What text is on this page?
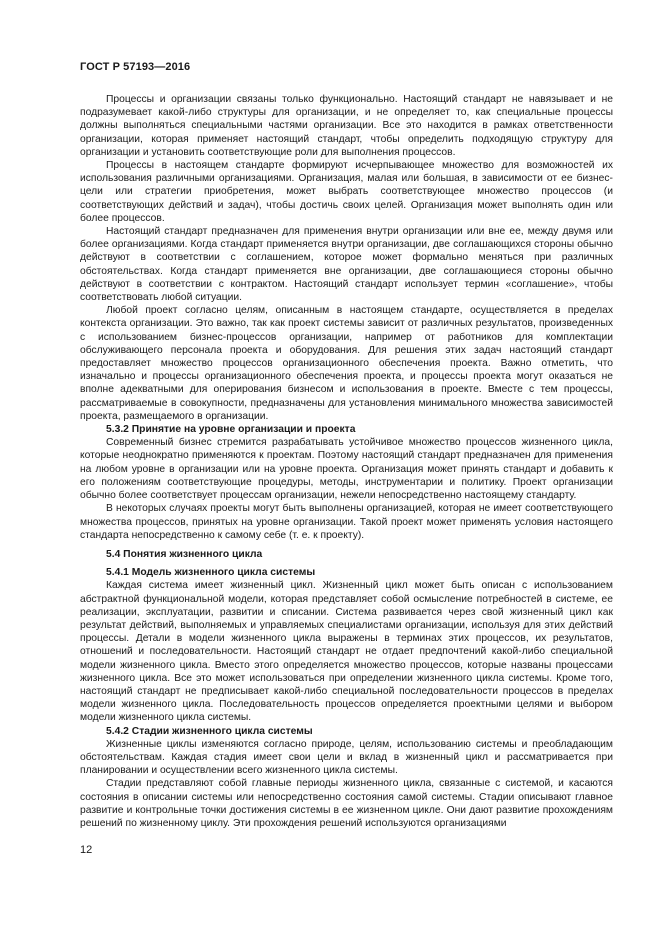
ГОСТ Р 57193—2016

Процессы и организации связаны только функционально. Настоящий стандарт не навязывает и не подразумевает какой-либо структуры для организации, и не определяет то, как специальные процессы должны выполняться специальными частями организации. Все это находится в рамках ответственности организации, которая применяет настоящий стандарт, чтобы определить подходящую структуру для организации и установить соответствующие роли для выполнения процессов.

Процессы в настоящем стандарте формируют исчерпывающее множество для возможностей их использования различными организациями. Организация, малая или большая, в зависимости от ее бизнес-цели или стратегии приобретения, может выбрать соответствующее множество процессов (и соответствующих действий и задач), чтобы достичь своих целей. Организация может выполнять один или более процессов.

Настоящий стандарт предназначен для применения внутри организации или вне ее, между двумя или более организациями. Когда стандарт применяется внутри организации, две соглашающихся стороны обычно действуют в соответствии с соглашением, которое может формально меняться при различных обстоятельствах. Когда стандарт применяется вне организации, две соглашающиеся стороны обычно действуют в соответствии с контрактом. Настоящий стандарт использует термин «соглашение», чтобы соответствовать любой ситуации.

Любой проект согласно целям, описанным в настоящем стандарте, осуществляется в пределах контекста организации. Это важно, так как проект системы зависит от различных результатов, произведенных с использованием бизнес-процессов организации, например от работников для комплектации обслуживающего персонала проекта и оборудования. Для решения этих задач настоящий стандарт предоставляет множество процессов организационного обеспечения проекта. Важно отметить, что изначально и процессы организационного обеспечения проекта, и процессы проекта могут оказаться не вполне адекватными для оперирования бизнесом и использования в проекте. Вместе с тем процессы, рассматриваемые в совокупности, предназначены для установления минимального множества зависимостей проекта, размещаемого в организации.

5.3.2 Принятие на уровне организации и проекта

Современный бизнес стремится разрабатывать устойчивое множество процессов жизненного цикла, которые неоднократно применяются к проектам. Поэтому настоящий стандарт предназначен для применения на любом уровне в организации или на уровне проекта. Организация может принять стандарт и добавить к его положениям соответствующие процедуры, методы, инструментарии и политику. Проект организации обычно более соответствует процессам организации, нежели непосредственно настоящему стандарту.

В некоторых случаях проекты могут быть выполнены организацией, которая не имеет соответствующего множества процессов, принятых на уровне организации. Такой проект может применять условия настоящего стандарта непосредственно к самому себе (т. е. к проекту).

5.4 Понятия жизненного цикла
5.4.1 Модель жизненного цикла системы

Каждая система имеет жизненный цикл. Жизненный цикл может быть описан с использованием абстрактной функциональной модели, которая представляет собой осмысление потребностей в системе, ее реализации, эксплуатации, развитии и списании. Система развивается через свой жизненный цикл как результат действий, выполняемых и управляемых специалистами организации, используя для этих действий процессы. Детали в модели жизненного цикла выражены в терминах этих процессов, их результатов, отношений и последовательности. Настоящий стандарт не отдает предпочтений какой-либо специальной модели жизненного цикла. Вместо этого определяется множество процессов, которые названы процессами жизненного цикла. Все это может использоваться при определении жизненного цикла системы. Кроме того, настоящий стандарт не предписывает какой-либо специальной последовательности процессов в пределах модели жизненного цикла. Последовательность процессов определяется проектными целями и выбором модели жизненного цикла системы.

5.4.2 Стадии жизненного цикла системы

Жизненные циклы изменяются согласно природе, целям, использованию системы и преобладающим обстоятельствам. Каждая стадия имеет свои цели и вклад в жизненный цикл и рассматривается при планировании и осуществлении всего жизненного цикла системы.

Стадии представляют собой главные периоды жизненного цикла, связанные с системой, и касаются состояния в описании системы или непосредственно состояния самой системы. Стадии описывают главное развитие и контрольные точки достижения системы в ее жизненном цикле. Они дают развитие прохождениям решений по жизненному циклу. Эти прохождения решений используются организациями

12
